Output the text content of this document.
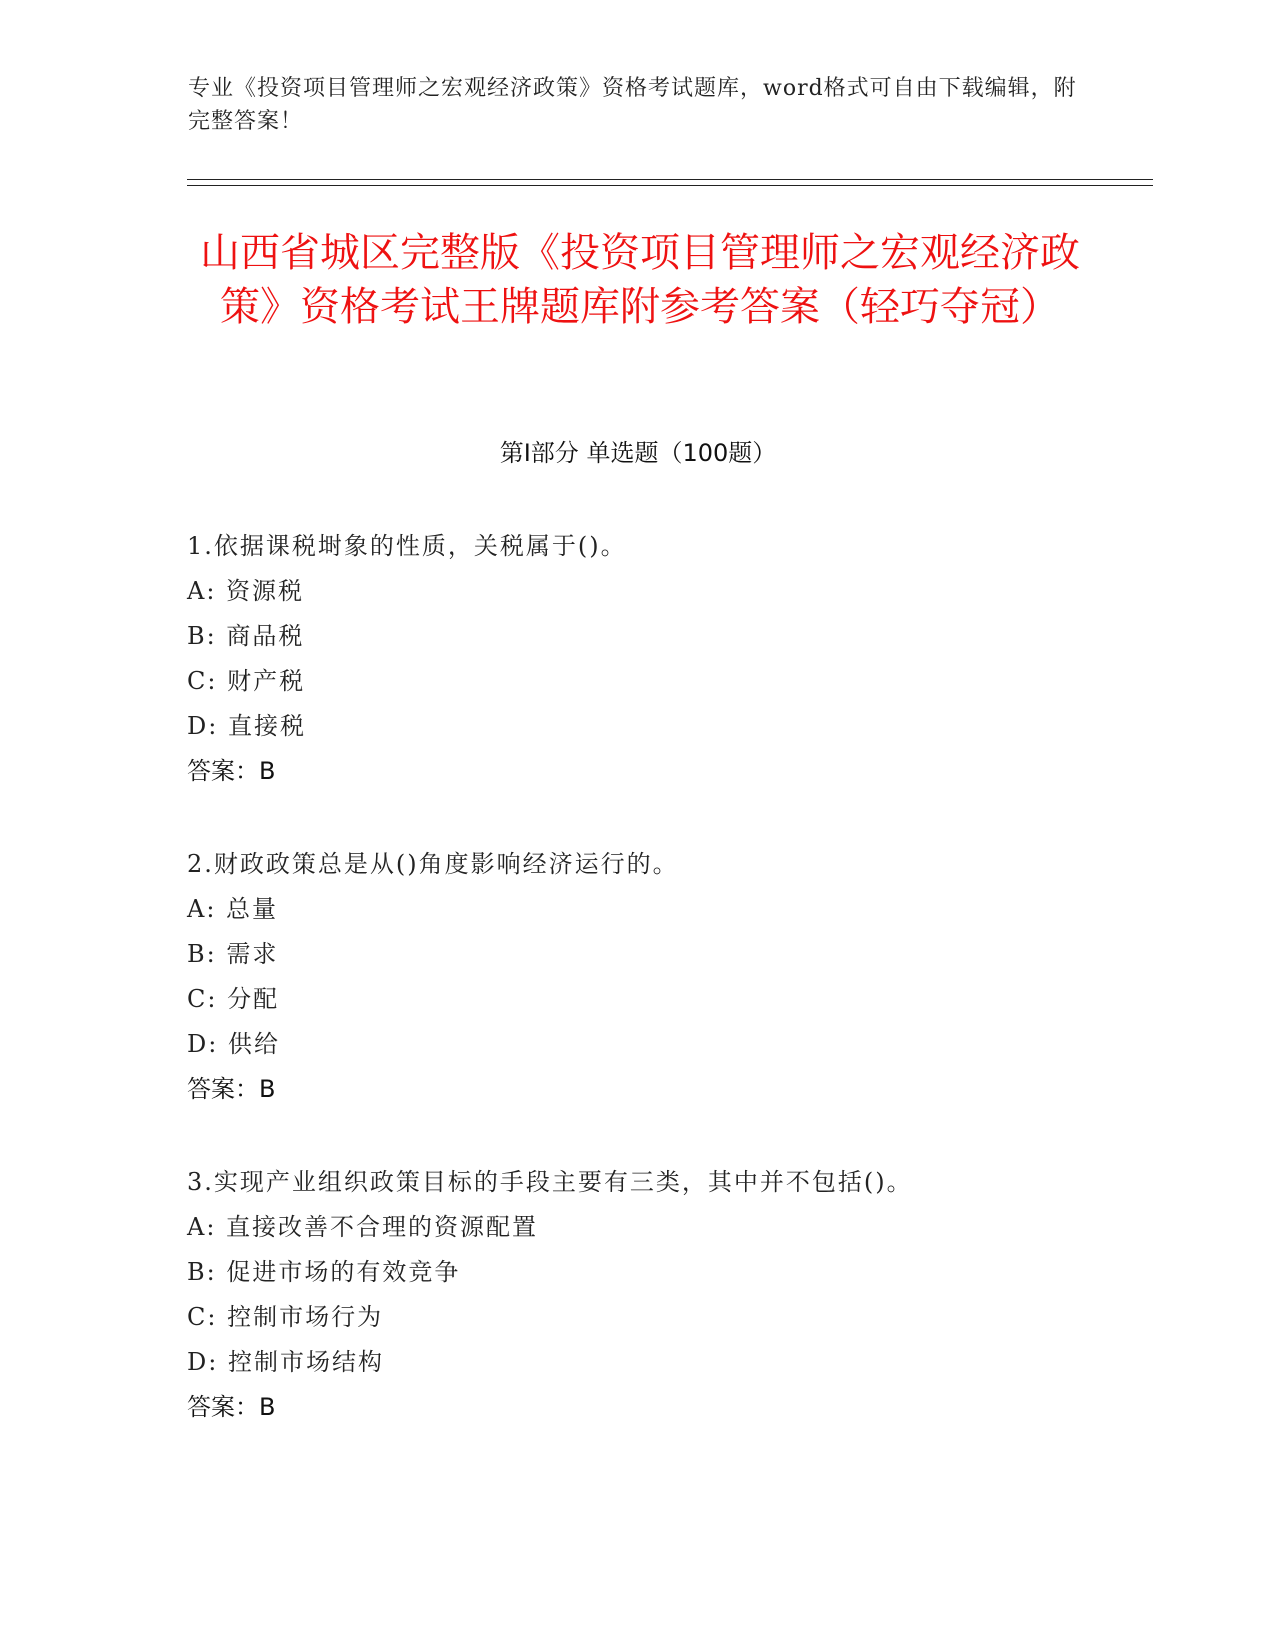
专业《投资项目管理师之宏观经济政策》资格考试题库，word格式可自由下载编辑，附完整答案！
山西省城区完整版《投资项目管理师之宏观经济政策》资格考试王牌题库附参考答案（轻巧夺冠）
第I部分 单选题（100题）
1.依据课税埘象的性质，关税属于()。
A: 资源税
B: 商品税
C: 财产税
D: 直接税
答案：B
2.财政政策总是从()角度影响经济运行的。
A: 总量
B: 需求
C: 分配
D: 供给
答案：B
3.实现产业组织政策目标的手段主要有三类，其中并不包括()。
A: 直接改善不合理的资源配置
B: 促进市场的有效竞争
C: 控制市场行为
D: 控制市场结构
答案：B
